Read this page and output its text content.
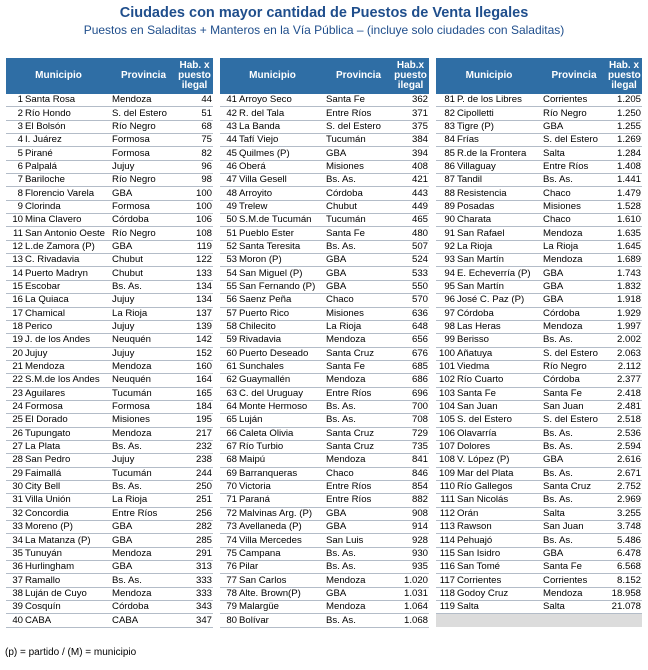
Ciudades con mayor cantidad de Puestos de Venta Ilegales
Puestos en Saladitas + Manteros en la Vía Pública – (incluye solo ciudades con Saladitas)
Municipio		Provincia	Hab. x puesto ilegal
1	Santa Rosa	Mendoza	44
2	Río Hondo	S. del Estero	51
3	El Bolsón	Río Negro	68
4	I. Juárez	Formosa	75
5	Pirané	Formosa	82
6	Palpalá	Jujuy	96
7	Bariloche	Río Negro	98
8	Florencio Varela	GBA	100
9	Clorinda	Formosa	100
10	Mina Clavero	Córdoba	106
11	San Antonio Oeste	Río Negro	108
12	L.de Zamora (P)	GBA	119
13	C. Rivadavia	Chubut	122
14	Puerto Madryn	Chubut	133
15	Escobar	Bs. As.	134
16	La Quiaca	Jujuy	134
17	Chamical	La Rioja	137
18	Perico	Jujuy	139
19	J. de los Andes	Neuquén	142
20	Jujuy	Jujuy	152
21	Mendoza	Mendoza	160
22	S.M.de los Andes	Neuquén	164
23	Aguilares	Tucumán	165
24	Formosa	Formosa	184
25	El Dorado	Misiones	195
26	Tupungato	Mendoza	217
27	La Plata	Bs. As.	232
28	San Pedro	Jujuy	238
29	Faimallá	Tucumán	244
30	City Bell	Bs. As.	250
31	Villa Unión	La Rioja	251
32	Concordia	Entre Ríos	256
33	Moreno (P)	GBA	282
34	La Matanza (P)	GBA	285
35	Tunuyán	Mendoza	291
36	Hurlingham	GBA	313
37	Ramallo	Bs. As.	333
38	Luján de Cuyo	Mendoza	333
39	Cosquín	Córdoba	343
40	CABA	CABA	347
Municipio		Provincia	Hab.x puesto ilegal
41	Arroyo Seco	Santa Fe	362
42	R. del Tala	Entre Ríos	371
43	La Banda	S. del Estero	375
44	Tafí Viejo	Tucumán	384
45	Quilmes (P)	GBA	394
46	Oberá	Misiones	408
47	Villa Gesell	Bs. As.	421
48	Arroyito	Córdoba	443
49	Trelew	Chubut	449
50	S.M.de Tucumán	Tucumán	465
51	Pueblo Ester	Santa Fe	480
52	Santa Teresita	Bs. As.	507
53	Moron (P)	GBA	524
54	San Miguel (P)	GBA	533
55	San Fernando (P)	GBA	550
56	Saenz Peña	Chaco	570
57	Puerto Rico	Misiones	636
58	Chilecito	La Rioja	648
59	Rivadavia	Mendoza	656
60	Puerto Deseado	Santa Cruz	676
61	Sunchales	Santa Fe	685
62	Guaymallén	Mendoza	686
63	C. del Uruguay	Entre Ríos	696
64	Monte Hermoso	Bs. As.	700
65	Luján	Bs. As.	708
66	Caleta Olivia	Santa Cruz	729
67	Río Turbio	Santa Cruz	735
68	Maipú	Mendoza	841
69	Barranqueras	Chaco	846
70	Victoria	Entre Ríos	854
71	Paraná	Entre Ríos	882
72	Malvinas Arg. (P)	GBA	908
73	Avellaneda (P)	GBA	914
74	Villa Mercedes	San Luis	928
75	Campana	Bs. As.	930
76	Pilar	Bs. As.	935
77	San Carlos	Mendoza	1.020
78	Alte. Brown(P)	GBA	1.031
79	Malargüe	Mendoza	1.064
80	Bolívar	Bs. As.	1.068
Municipio		Provincia	Hab. x puesto ilegal
81	P. de los Libres	Corrientes	1.205
82	Cipolletti	Río Negro	1.250
83	Tigre (P)	GBA	1.255
84	Frías	S. del Estero	1.269
85	R.de la Frontera	Salta	1.284
86	Villaguay	Entre Ríos	1.408
87	Tandil	Bs. As.	1.441
88	Resistencia	Chaco	1.479
89	Posadas	Misiones	1.528
90	Charata	Chaco	1.610
91	San Rafael	Mendoza	1.635
92	La Rioja	La Rioja	1.645
93	San Martín	Mendoza	1.689
94	E. Echeverría (P)	GBA	1.743
95	San Martín	GBA	1.832
96	José C. Paz (P)	GBA	1.918
97	Córdoba	Córdoba	1.929
98	Las Heras	Mendoza	1.997
99	Berisso	Bs. As.	2.002
100	Añatuya	S. del Estero	2.063
101	Viedma	Río Negro	2.112
102	Río Cuarto	Córdoba	2.377
103	Santa Fe	Santa Fe	2.418
104	San Juan	San Juan	2.481
105	S. del Estero	S. del Estero	2.518
106	Olavarría	Bs. As.	2.536
107	Dolores	Bs. As.	2.594
108	V. López (P)	GBA	2.616
109	Mar del Plata	Bs. As.	2.671
110	Río Gallegos	Santa Cruz	2.752
111	San Nicolás	Bs. As.	2.969
112	Orán	Salta	3.255
113	Rawson	San Juan	3.748
114	Pehuajó	Bs. As.	5.486
115	San Isidro	GBA	6.478
116	San Tomé	Santa Fe	6.568
117	Corrientes	Corrientes	8.152
118	Godoy Cruz	Mendoza	18.958
119	Salta	Salta	21.078

(p) = partido / (M) = municipio
